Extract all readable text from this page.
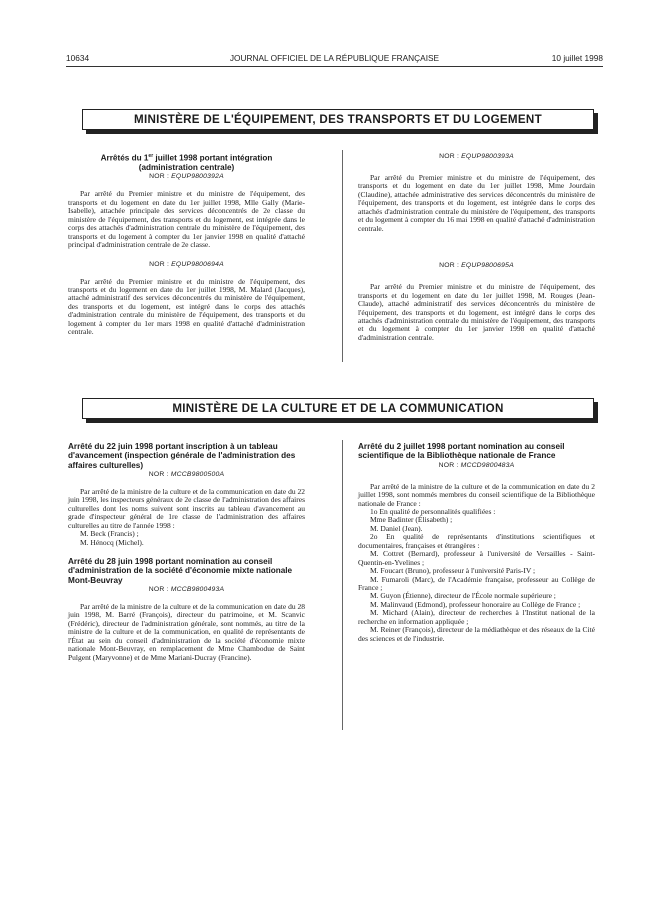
10634	JOURNAL OFFICIEL DE LA RÉPUBLIQUE FRANÇAISE	10 juillet 1998
MINISTÈRE DE L'ÉQUIPEMENT, DES TRANSPORTS ET DU LOGEMENT

Arrêtés du 1er juillet 1998 portant intégration
(administration centrale)

NOR : EQUP9800392A

Par arrêté du Premier ministre et du ministre de l'équipement, des transports et du logement en date du 1er juillet 1998, Mlle Gally (Marie-Isabelle), attachée principale des services déconcentrés de 2e classe du ministère de l'équipement, des transports et du logement, est intégrée dans le corps des attachés d'administration centrale du ministère de l'équipement, des transports et du logement à compter du 1er janvier 1998 en qualité d'attaché principal d'administration centrale de 2e classe.

NOR : EQUP9800694A

Par arrêté du Premier ministre et du ministre de l'équipement, des transports et du logement en date du 1er juillet 1998, M. Malard (Jacques), attaché administratif des services déconcentrés du ministère de l'équipement, des transports et du logement, est intégré dans le corps des attachés d'administration centrale du ministère de l'équipement, des transports et du logement à compter du 1er mars 1998 en qualité d'attaché d'administration centrale.

NOR : EQUP9800393A

Par arrêté du Premier ministre et du ministre de l'équipement, des transports et du logement en date du 1er juillet 1998, Mme Jourdain (Claudine), attachée administrative des services déconcentrés du ministère de l'équipement, des transports et du logement, est intégrée dans le corps des attachés d'administration centrale du ministère de l'équipement, des transports et du logement à compter du 16 mai 1998 en qualité d'attaché d'administration centrale.

NOR : EQUP9800695A

Par arrêté du Premier ministre et du ministre de l'équipement, des transports et du logement en date du 1er juillet 1998, M. Rouges (Jean-Claude), attaché administratif des services déconcentrés du ministère de l'équipement, des transports et du logement, est intégré dans le corps des attachés d'administration centrale du ministère de l'équipement, des transports et du logement à compter du 1er janvier 1998 en qualité d'attaché d'administration centrale.

MINISTÈRE DE LA CULTURE ET DE LA COMMUNICATION

Arrêté du 22 juin 1998 portant inscription à un tableau d'avancement (inspection générale de l'administration des affaires culturelles)

NOR : MCCB9800500A

Par arrêté de la ministre de la culture et de la communication en date du 22 juin 1998, les inspecteurs généraux de 2e classe de l'administration des affaires culturelles dont les noms suivent sont inscrits au tableau d'avancement au grade d'inspecteur général de 1re classe de l'administration des affaires culturelles au titre de l'année 1998 :

M. Beck (Francis) ;

M. Hénocq (Michel).

Arrêté du 28 juin 1998 portant nomination au conseil d'administration de la société d'économie mixte nationale Mont-Beuvray

NOR : MCCB9800493A

Par arrêté de la ministre de la culture et de la communication en date du 28 juin 1998, M. Barré (François), directeur du patrimoine, et M. Scanvic (Frédéric), directeur de l'administration générale, sont nommés, au titre de la ministre de la culture et de la communication, en qualité de représentants de l'État au sein du conseil d'administration de la société d'économie mixte nationale Mont-Beuvray, en remplacement de Mme Chambodue de Saint Pulgent (Maryvonne) et de Mme Mariani-Ducray (Francine).

Arrêté du 2 juillet 1998 portant nomination au conseil scientifique de la Bibliothèque nationale de France

NOR : MCCD9800483A

Par arrêté de la ministre de la culture et de la communication en date du 2 juillet 1998, sont nommés membres du conseil scientifique de la Bibliothèque nationale de France :

1o En qualité de personnalités qualifiées :

Mme Badinter (Élisabeth) ;

M. Daniel (Jean).

2o En qualité de représentants d'institutions scientifiques et documentaires, françaises et étrangères :

M. Cottret (Bernard), professeur à l'université de Versailles - Saint-Quentin-en-Yvelines ;

M. Foucart (Bruno), professeur à l'université Paris-IV ;

M. Fumaroli (Marc), de l'Académie française, professeur au Collège de France ;

M. Guyon (Étienne), directeur de l'École normale supérieure ;

M. Malinvaud (Edmond), professeur honoraire au Collège de France ;

M. Michard (Alain), directeur de recherches à l'Institut national de la recherche en information appliquée ;

M. Reiner (François), directeur de la médiathèque et des réseaux de la Cité des sciences et de l'industrie.
